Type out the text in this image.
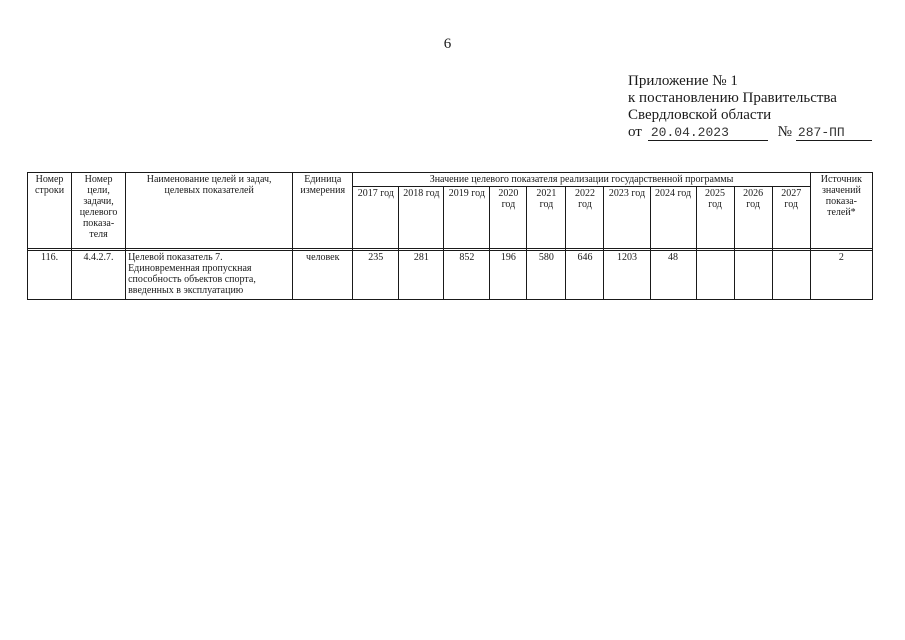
6
Приложение № 1
к постановлению Правительства
Свердловской области
от 20.04.2023	№ 287-ПП
Номер строки	Номер цели, задачи, целевого показа-теля	Наименование целей и задач, целевых показателей	Единица измерения	Значение целевого показателя реализации государственной программы											Источник значений показа-телей*
				2017 год	2018 год	2019 год	2020 год	2021 год	2022 год	2023 год	2024 год	2025 год	2026 год	2027 год	

116.	4.4.2.7.	Целевой показатель 7. Единовременная пропускная способность объектов спорта, введенных в эксплуатацию	человек	235	281	852	196	580	646	1203	48				2
